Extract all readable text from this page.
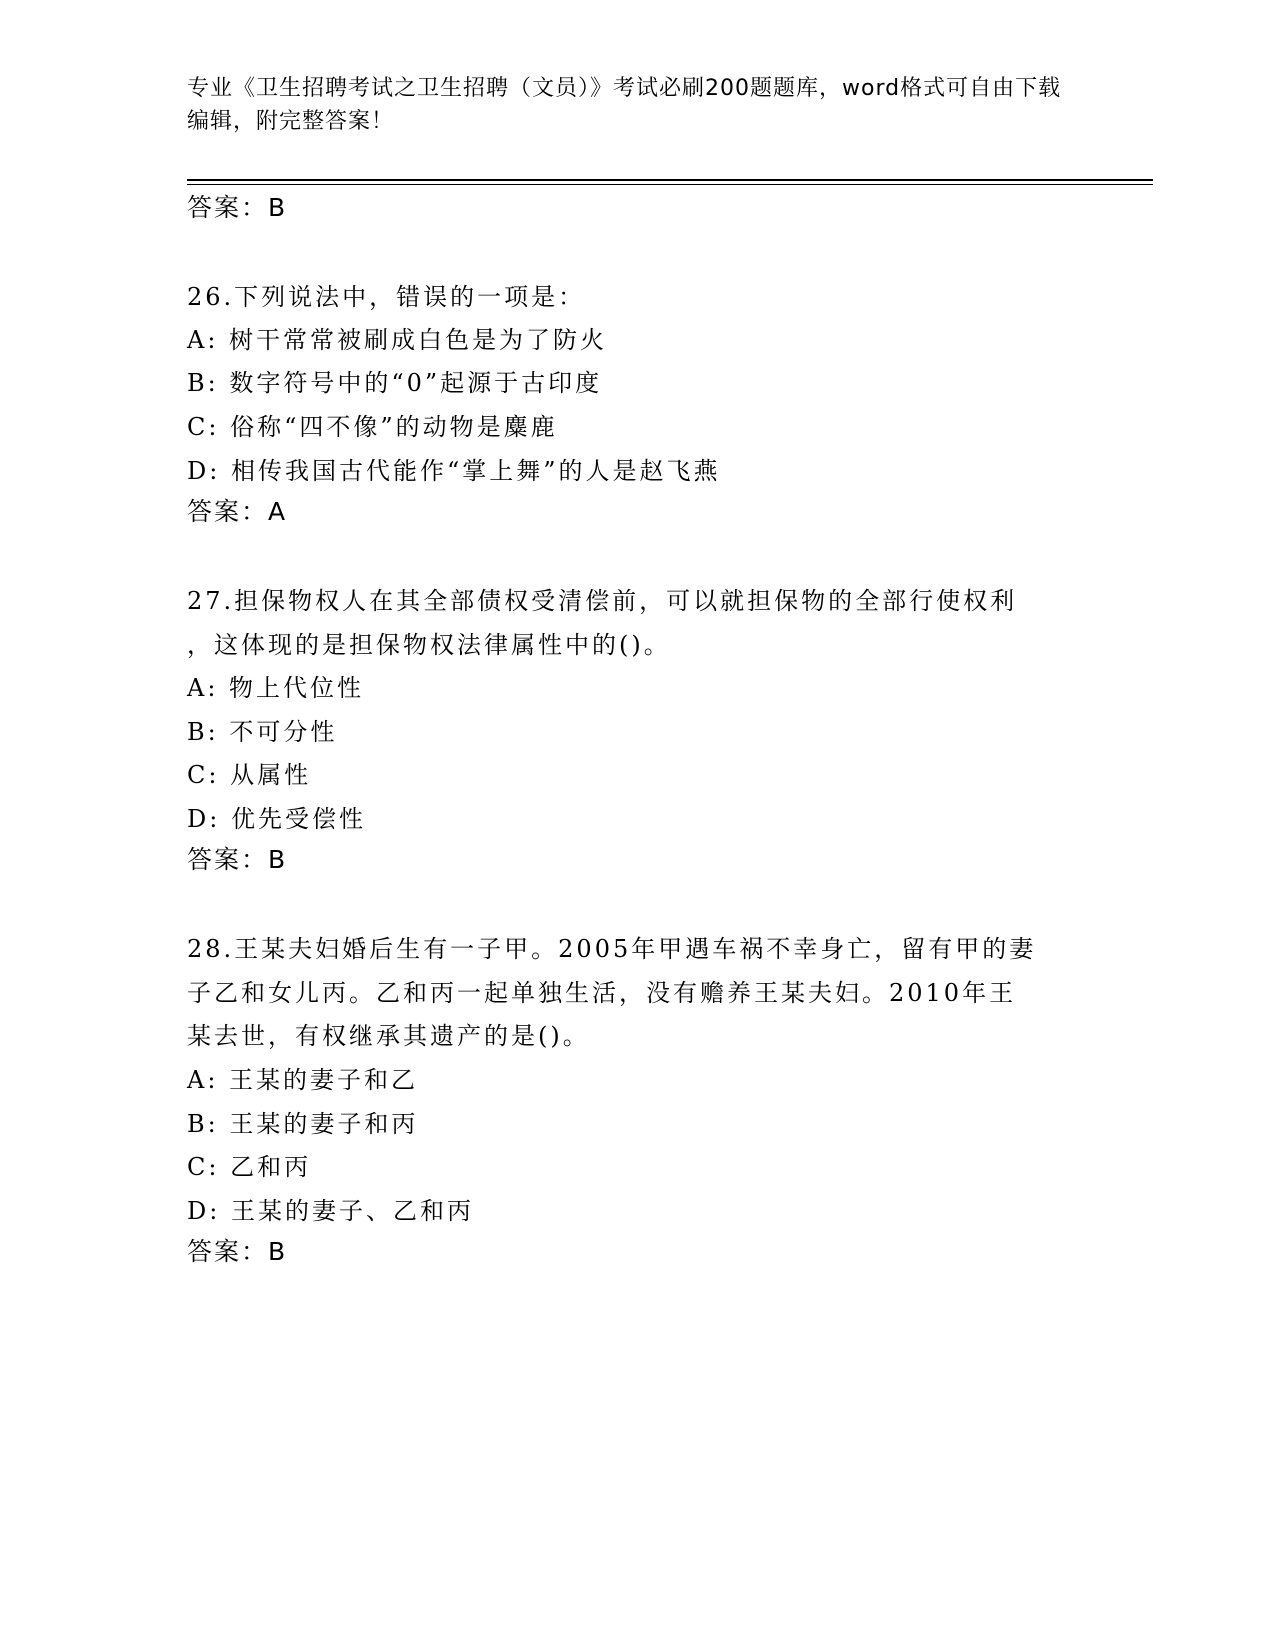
专业《卫生招聘考试之卫生招聘（文员）》考试必刷200题题库，word格式可自由下载编辑，附完整答案！
答案：B
26.下列说法中，错误的一项是：
A: 树干常常被刷成白色是为了防火
B: 数字符号中的“0”起源于古印度
C: 俗称“四不像”的动物是麋鹿
D: 相传我国古代能作“掌上舞”的人是赵飞燕
答案：A
27.担保物权人在其全部债权受清偿前，可以就担保物的全部行使权利
，这体现的是担保物权法律属性中的()。
A: 物上代位性
B: 不可分性
C: 从属性
D: 优先受偿性
答案：B
28.王某夫妇婚后生有一子甲。2005年甲遇车祸不幸身亡，留有甲的妻
子乙和女儿丙。乙和丙一起单独生活，没有赡养王某夫妇。2010年王
某去世，有权继承其遗产的是()。
A: 王某的妻子和乙
B: 王某的妻子和丙
C: 乙和丙
D: 王某的妻子、乙和丙
答案：B
